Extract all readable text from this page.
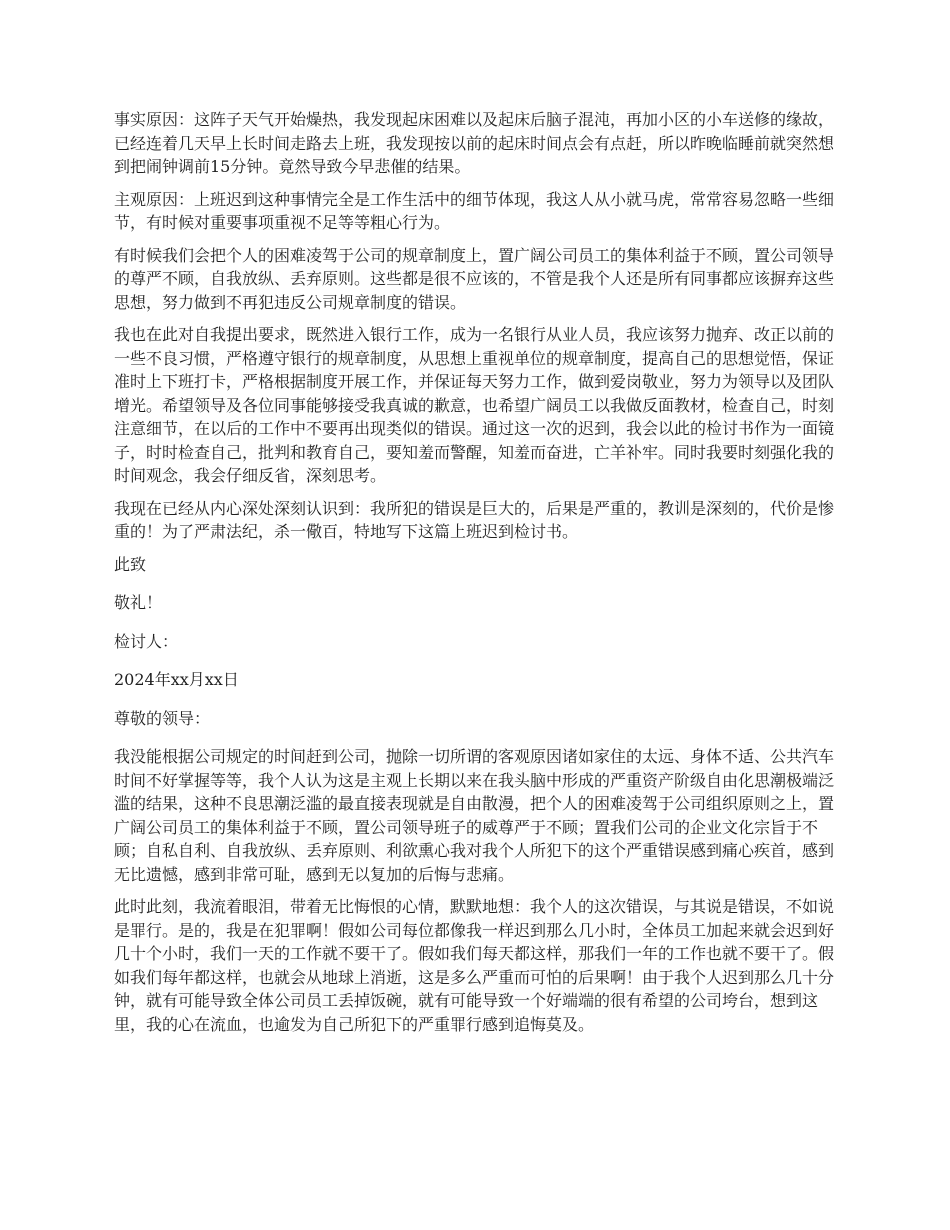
事实原因：这阵子天气开始燥热，我发现起床困难以及起床后脑子混沌，再加小区的小车送修的缘故，已经连着几天早上长时间走路去上班，我发现按以前的起床时间点会有点赶，所以昨晚临睡前就突然想到把闹钟调前15分钟。竟然导致今早悲催的结果。

主观原因：上班迟到这种事情完全是工作生活中的细节体现，我这人从小就马虎，常常容易忽略一些细节，有时候对重要事项重视不足等等粗心行为。

有时候我们会把个人的困难凌驾于公司的规章制度上，置广阔公司员工的集体利益于不顾，置公司领导的尊严不顾，自我放纵、丢弃原则。这些都是很不应该的，不管是我个人还是所有同事都应该摒弃这些思想，努力做到不再犯违反公司规章制度的错误。

我也在此对自我提出要求，既然进入银行工作，成为一名银行从业人员，我应该努力抛弃、改正以前的一些不良习惯，严格遵守银行的规章制度，从思想上重视单位的规章制度，提高自己的思想觉悟，保证准时上下班打卡，严格根据制度开展工作，并保证每天努力工作，做到爱岗敬业，努力为领导以及团队增光。希望领导及各位同事能够接受我真诚的歉意，也希望广阔员工以我做反面教材，检查自己，时刻注意细节，在以后的工作中不要再出现类似的错误。通过这一次的迟到，我会以此的检讨书作为一面镜子，时时检查自己，批判和教育自己，要知羞而警醒，知羞而奋进，亡羊补牢。同时我要时刻强化我的时间观念，我会仔细反省，深刻思考。

我现在已经从内心深处深刻认识到：我所犯的错误是巨大的，后果是严重的，教训是深刻的，代价是惨重的！为了严肃法纪，杀一儆百，特地写下这篇上班迟到检讨书。

此致

敬礼！

检讨人：

2024年xx月xx日

尊敬的领导：

我没能根据公司规定的时间赶到公司，抛除一切所谓的客观原因诸如家住的太远、身体不适、公共汽车时间不好掌握等等，我个人认为这是主观上长期以来在我头脑中形成的严重资产阶级自由化思潮极端泛滥的结果，这种不良思潮泛滥的最直接表现就是自由散漫，把个人的困难凌驾于公司组织原则之上，置广阔公司员工的集体利益于不顾，置公司领导班子的威尊严于不顾；置我们公司的企业文化宗旨于不顾；自私自利、自我放纵、丢弃原则、利欲熏心我对我个人所犯下的这个严重错误感到痛心疾首，感到无比遗憾，感到非常可耻，感到无以复加的后悔与悲痛。

此时此刻，我流着眼泪，带着无比悔恨的心情，默默地想：我个人的这次错误，与其说是错误，不如说是罪行。是的，我是在犯罪啊！假如公司每位都像我一样迟到那么几小时，全体员工加起来就会迟到好几十个小时，我们一天的工作就不要干了。假如我们每天都这样，那我们一年的工作也就不要干了。假如我们每年都这样，也就会从地球上消逝，这是多么严重而可怕的后果啊！由于我个人迟到那么几十分钟，就有可能导致全体公司员工丢掉饭碗，就有可能导致一个好端端的很有希望的公司垮台，想到这里，我的心在流血，也逾发为自己所犯下的严重罪行感到追悔莫及。
